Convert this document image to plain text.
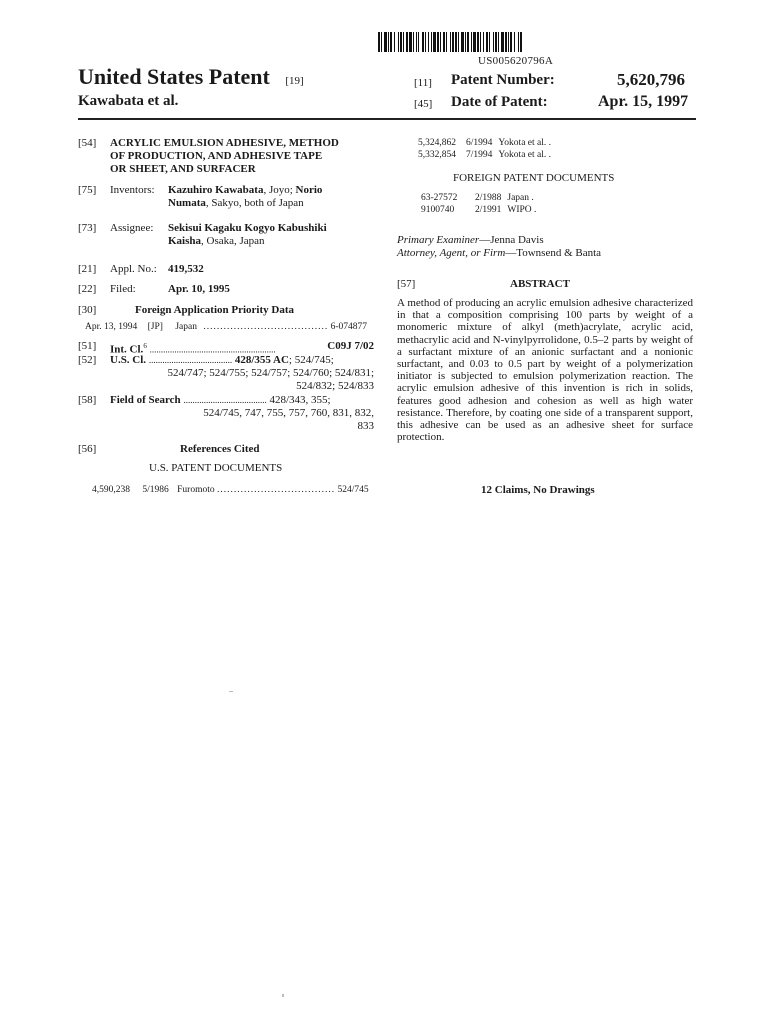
US005620796A
United States Patent [19]
Kawabata et al.
[11] Patent Number:	5,620,796
[45] Date of Patent:	Apr. 15, 1997
[54] ACRYLIC EMULSION ADHESIVE, METHOD
OF PRODUCTION, AND ADHESIVE TAPE
OR SHEET, AND SURFACER
[75] Inventors: Kazuhiro Kawabata, Joyo; Norio
Numata, Sakyo, both of Japan
[73] Assignee: Sekisui Kagaku Kogyo Kabushiki
Kaisha, Osaka, Japan
[21] Appl. No.: 419,532
[22] Filed:	Apr. 10, 1995
[30]	Foreign Application Priority Data
Apr. 13, 1994 [JP] Japan ..................................... 6-074877
[51] Int. Cl.$^6$ ........................................................	C09J 7/02
[52] U.S. Cl. ..................................... 428/355 AC; 524/745;
524/747; 524/755; 524/757; 524/760; 524/831;
524/832; 524/833
[58] Field of Search ..................................... 428/343, 355;
524/745, 747, 755, 757, 760, 831, 832,
833
[56]	References Cited
U.S. PATENT DOCUMENTS
4,590,238 5/1986 Furomoto ................................... 524/745
5,324,862 6/1994 Yokota et al. .
5,332,854 7/1994 Yokota et al. .
FOREIGN PATENT DOCUMENTS
63-27572 2/1988 Japan .
9100740 2/1991 WIPO .
Primary Examiner—Jenna Davis
Attorney, Agent, or Firm—Townsend & Banta
[57]	ABSTRACT
A method of producing an acrylic emulsion adhesive characterized in that a composition comprising 100 parts by weight of a monomeric mixture of alkyl (meth)acrylate, acrylic acid, methacrylic acid and N-vinylpyrrolidone, 0.5–2 parts by weight of a surfactant mixture of an anionic surfactant and a nonionic surfactant, and 0.03 to 0.5 part by weight of a polymerization initiator is subjected to emulsion polymerization reaction. The acrylic emulsion adhesive of this invention is rich in solids, features good adhesion and cohesion as well as high water resistance. Therefore, by coating one side of a transparent support, this adhesive can be used as an adhesive sheet for surface protection.
12 Claims, No Drawings
